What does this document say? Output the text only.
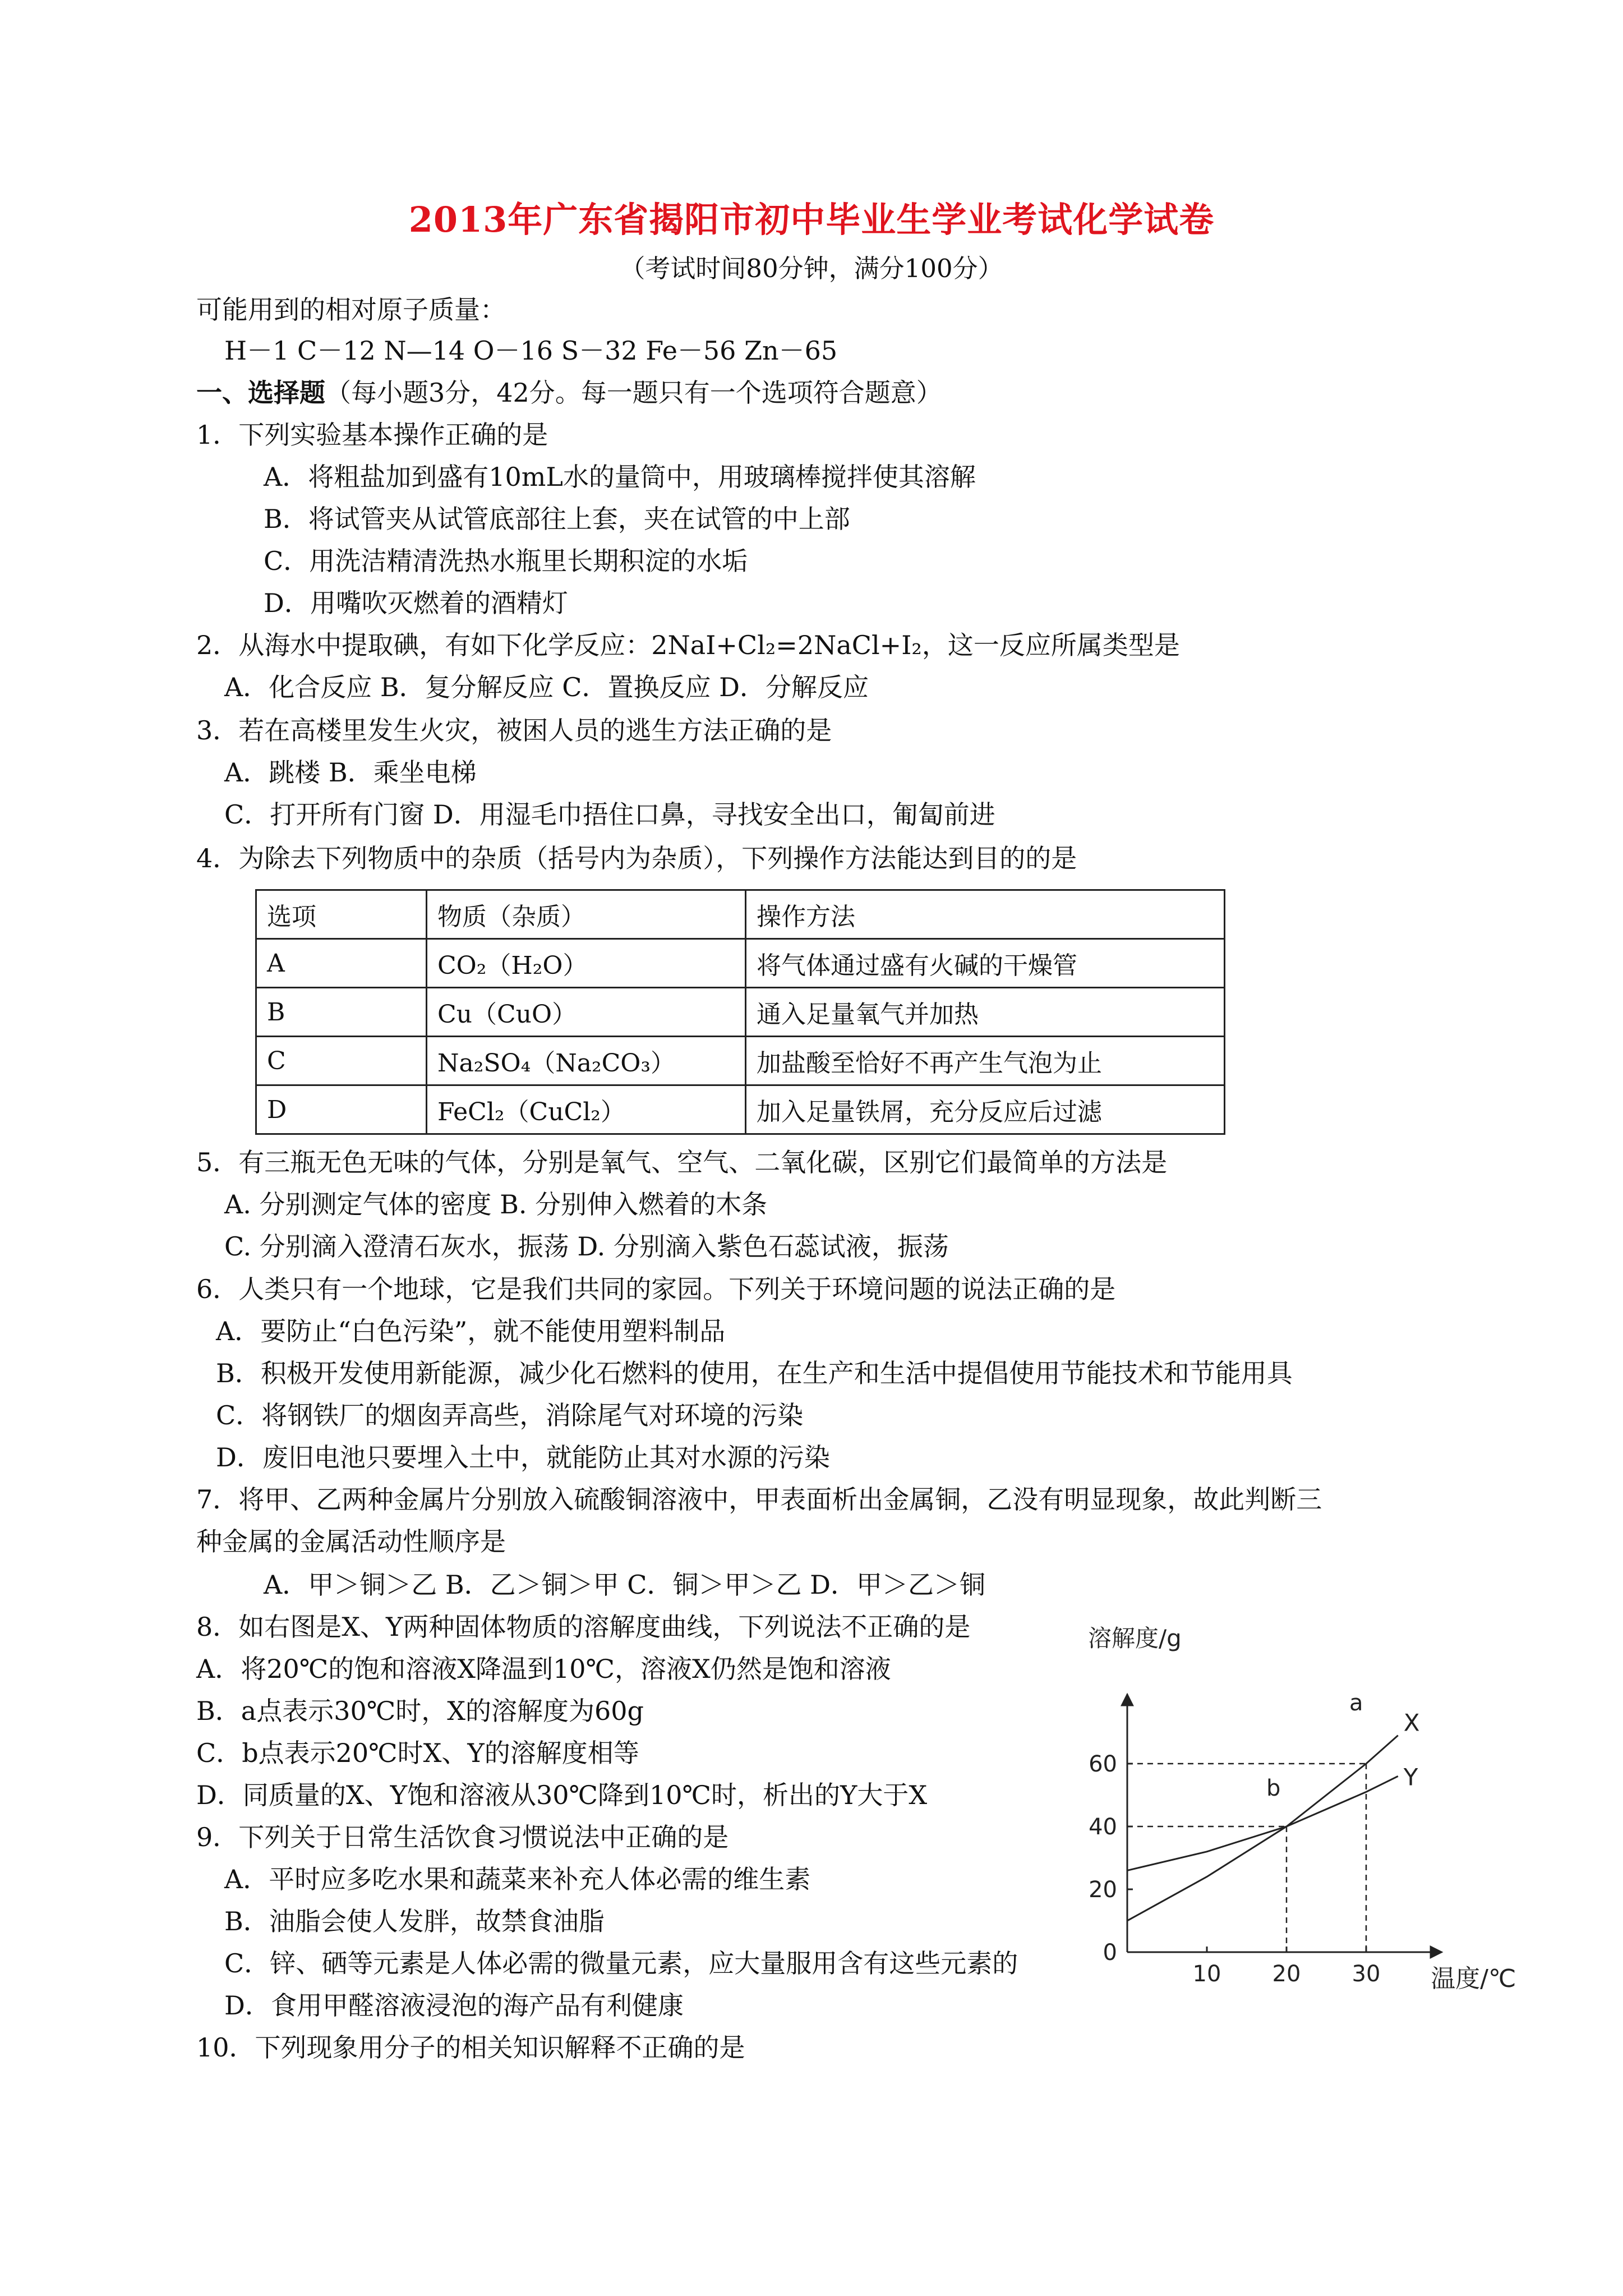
2013年广东省揭阳市初中毕业生学业考试化学试卷
（考试时间80分钟，满分100分）
可能用到的相对原子质量：
H－1 C－12 N—14 O－16 S－32 Fe－56 Zn－65
一、选择题（每小题3分，42分。每一题只有一个选项符合题意）
1．下列实验基本操作正确的是
A．将粗盐加到盛有10mL水的量筒中，用玻璃棒搅拌使其溶解
B．将试管夹从试管底部往上套，夹在试管的中上部
C．用洗洁精清洗热水瓶里长期积淀的水垢
D．用嘴吹灭燃着的酒精灯
2．从海水中提取碘，有如下化学反应：2NaI+Cl₂=2NaCl+I₂，这一反应所属类型是
A．化合反应 B．复分解反应 C．置换反应 D．分解反应
3．若在高楼里发生火灾，被困人员的逃生方法正确的是
A．跳楼 B．乘坐电梯
C．打开所有门窗 D．用湿毛巾捂住口鼻，寻找安全出口，匍匐前进
4．为除去下列物质中的杂质（括号内为杂质），下列操作方法能达到目的的是
选项	物质（杂质）	操作方法
A	CO₂（H₂O）	将气体通过盛有火碱的干燥管
B	Cu（CuO）	通入足量氧气并加热
C	Na₂SO₄（Na₂CO₃）	加盐酸至恰好不再产生气泡为止
D	FeCl₂（CuCl₂）	加入足量铁屑，充分反应后过滤
5．有三瓶无色无味的气体，分别是氧气、空气、二氧化碳，区别它们最简单的方法是
A. 分别测定气体的密度 B. 分别伸入燃着的木条
C. 分别滴入澄清石灰水，振荡 D. 分别滴入紫色石蕊试液，振荡
6．人类只有一个地球，它是我们共同的家园。下列关于环境问题的说法正确的是
A．要防止“白色污染”，就不能使用塑料制品
B．积极开发使用新能源，减少化石燃料的使用，在生产和生活中提倡使用节能技术和节能用具
C．将钢铁厂的烟囱弄高些，消除尾气对环境的污染
D．废旧电池只要埋入土中，就能防止其对水源的污染
7．将甲、乙两种金属片分别放入硫酸铜溶液中，甲表面析出金属铜，乙没有明显现象，故此判断三
种金属的金属活动性顺序是
A．甲＞铜＞乙 B．乙＞铜＞甲 C．铜＞甲＞乙 D．甲＞乙＞铜
8．如右图是X、Y两种固体物质的溶解度曲线，下列说法不正确的是
A．将20℃的饱和溶液X降温到10℃，溶液X仍然是饱和溶液
B．a点表示30℃时，X的溶解度为60g
C．b点表示20℃时X、Y的溶解度相等
D．同质量的X、Y饱和溶液从30℃降到10℃时，析出的Y大于X
9．下列关于日常生活饮食习惯说法中正确的是
A．平时应多吃水果和蔬菜来补充人体必需的维生素
B．油脂会使人发胖，故禁食油脂
C．锌、硒等元素是人体必需的微量元素，应大量服用含有这些元素的
D．食用甲醛溶液浸泡的海产品有利健康
10．下列现象用分子的相关知识解释不正确的是
溶解度/g
温度/℃
0
20
40
60
10 20 30
X
Y
a
b
